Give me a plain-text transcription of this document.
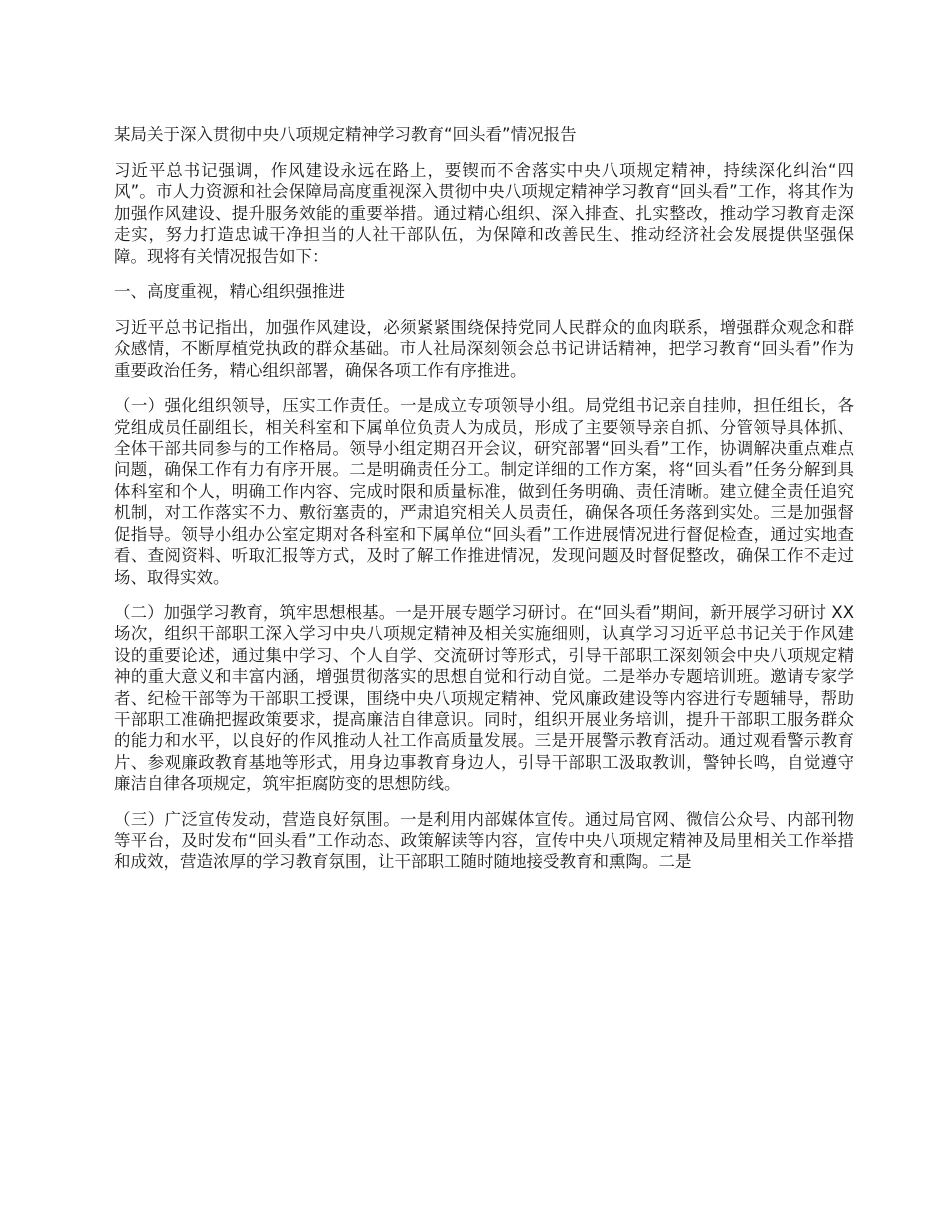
某局关于深入贯彻中央八项规定精神学习教育“回头看”情况报告

习近平总书记强调，作风建设永远在路上，要锲而不舍落实中央八项规定精神，持续深化纠治“四风”。市人力资源和社会保障局高度重视深入贯彻中央八项规定精神学习教育“回头看”工作，将其作为加强作风建设、提升服务效能的重要举措。通过精心组织、深入排查、扎实整改，推动学习教育走深走实，努力打造忠诚干净担当的人社干部队伍，为保障和改善民生、推动经济社会发展提供坚强保障。现将有关情况报告如下：

一、高度重视，精心组织强推进

习近平总书记指出，加强作风建设，必须紧紧围绕保持党同人民群众的血肉联系，增强群众观念和群众感情，不断厚植党执政的群众基础。市人社局深刻领会总书记讲话精神，把学习教育“回头看”作为重要政治任务，精心组织部署，确保各项工作有序推进。

（一）强化组织领导，压实工作责任。一是成立专项领导小组。局党组书记亲自挂帅，担任组长，各党组成员任副组长，相关科室和下属单位负责人为成员，形成了主要领导亲自抓、分管领导具体抓、全体干部共同参与的工作格局。领导小组定期召开会议，研究部署“回头看”工作，协调解决重点难点问题，确保工作有力有序开展。二是明确责任分工。制定详细的工作方案，将“回头看”任务分解到具体科室和个人，明确工作内容、完成时限和质量标准，做到任务明确、责任清晰。建立健全责任追究机制，对工作落实不力、敷衍塞责的，严肃追究相关人员责任，确保各项任务落到实处。三是加强督促指导。领导小组办公室定期对各科室和下属单位“回头看”工作进展情况进行督促检查，通过实地查看、查阅资料、听取汇报等方式，及时了解工作推进情况，发现问题及时督促整改，确保工作不走过场、取得实效。

（二）加强学习教育，筑牢思想根基。一是开展专题学习研讨。在“回头看”期间，新开展学习研讨 XX 场次，组织干部职工深入学习中央八项规定精神及相关实施细则，认真学习习近平总书记关于作风建设的重要论述，通过集中学习、个人自学、交流研讨等形式，引导干部职工深刻领会中央八项规定精神的重大意义和丰富内涵，增强贯彻落实的思想自觉和行动自觉。二是举办专题培训班。邀请专家学者、纪检干部等为干部职工授课，围绕中央八项规定精神、党风廉政建设等内容进行专题辅导，帮助干部职工准确把握政策要求，提高廉洁自律意识。同时，组织开展业务培训，提升干部职工服务群众的能力和水平，以良好的作风推动人社工作高质量发展。三是开展警示教育活动。通过观看警示教育片、参观廉政教育基地等形式，用身边事教育身边人，引导干部职工汲取教训，警钟长鸣，自觉遵守廉洁自律各项规定，筑牢拒腐防变的思想防线。

（三）广泛宣传发动，营造良好氛围。一是利用内部媒体宣传。通过局官网、微信公众号、内部刊物等平台，及时发布“回头看”工作动态、政策解读等内容，宣传中央八项规定精神及局里相关工作举措和成效，营造浓厚的学习教育氛围，让干部职工随时随地接受教育和熏陶。二是
